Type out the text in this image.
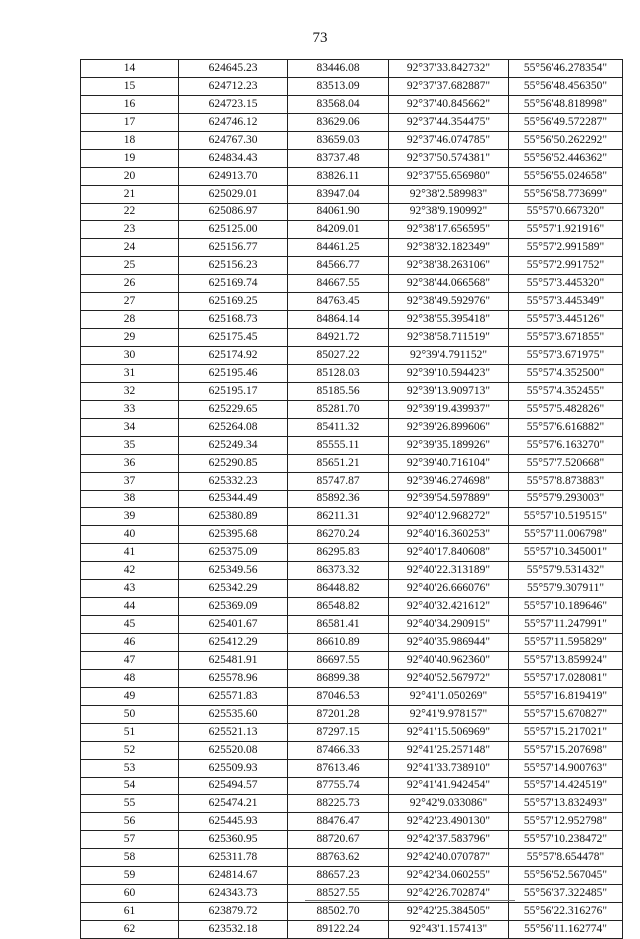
73
14	624645.23	83446.08	92°37'33.842732"	55°56'46.278354"
15	624712.23	83513.09	92°37'37.682887"	55°56'48.456350"
16	624723.15	83568.04	92°37'40.845662"	55°56'48.818998"
17	624746.12	83629.06	92°37'44.354475"	55°56'49.572287"
18	624767.30	83659.03	92°37'46.074785"	55°56'50.262292"
19	624834.43	83737.48	92°37'50.574381"	55°56'52.446362"
20	624913.70	83826.11	92°37'55.656980"	55°56'55.024658"
21	625029.01	83947.04	92°38'2.589983"	55°56'58.773699"
22	625086.97	84061.90	92°38'9.190992"	55°57'0.667320"
23	625125.00	84209.01	92°38'17.656595"	55°57'1.921916"
24	625156.77	84461.25	92°38'32.182349"	55°57'2.991589"
25	625156.23	84566.77	92°38'38.263106"	55°57'2.991752"
26	625169.74	84667.55	92°38'44.066568"	55°57'3.445320"
27	625169.25	84763.45	92°38'49.592976"	55°57'3.445349"
28	625168.73	84864.14	92°38'55.395418"	55°57'3.445126"
29	625175.45	84921.72	92°38'58.711519"	55°57'3.671855"
30	625174.92	85027.22	92°39'4.791152"	55°57'3.671975"
31	625195.46	85128.03	92°39'10.594423"	55°57'4.352500"
32	625195.17	85185.56	92°39'13.909713"	55°57'4.352455"
33	625229.65	85281.70	92°39'19.439937"	55°57'5.482826"
34	625264.08	85411.32	92°39'26.899606"	55°57'6.616882"
35	625249.34	85555.11	92°39'35.189926"	55°57'6.163270"
36	625290.85	85651.21	92°39'40.716104"	55°57'7.520668"
37	625332.23	85747.87	92°39'46.274698"	55°57'8.873883"
38	625344.49	85892.36	92°39'54.597889"	55°57'9.293003"
39	625380.89	86211.31	92°40'12.968272"	55°57'10.519515"
40	625395.68	86270.24	92°40'16.360253"	55°57'11.006798"
41	625375.09	86295.83	92°40'17.840608"	55°57'10.345001"
42	625349.56	86373.32	92°40'22.313189"	55°57'9.531432"
43	625342.29	86448.82	92°40'26.666076"	55°57'9.307911"
44	625369.09	86548.82	92°40'32.421612"	55°57'10.189646"
45	625401.67	86581.41	92°40'34.290915"	55°57'11.247991"
46	625412.29	86610.89	92°40'35.986944"	55°57'11.595829"
47	625481.91	86697.55	92°40'40.962360"	55°57'13.859924"
48	625578.96	86899.38	92°40'52.567972"	55°57'17.028081"
49	625571.83	87046.53	92°41'1.050269"	55°57'16.819419"
50	625535.60	87201.28	92°41'9.978157"	55°57'15.670827"
51	625521.13	87297.15	92°41'15.506969"	55°57'15.217021"
52	625520.08	87466.33	92°41'25.257148"	55°57'15.207698"
53	625509.93	87613.46	92°41'33.738910"	55°57'14.900763"
54	625494.57	87755.74	92°41'41.942454"	55°57'14.424519"
55	625474.21	88225.73	92°42'9.033086"	55°57'13.832493"
56	625445.93	88476.47	92°42'23.490130"	55°57'12.952798"
57	625360.95	88720.67	92°42'37.583796"	55°57'10.238472"
58	625311.78	88763.62	92°42'40.070787"	55°57'8.654478"
59	624814.67	88657.23	92°42'34.060255"	55°56'52.567045"
60	624343.73	88527.55	92°42'26.702874"	55°56'37.322485"
61	623879.72	88502.70	92°42'25.384505"	55°56'22.316276"
62	623532.18	89122.24	92°43'1.157413"	55°56'11.162774"
